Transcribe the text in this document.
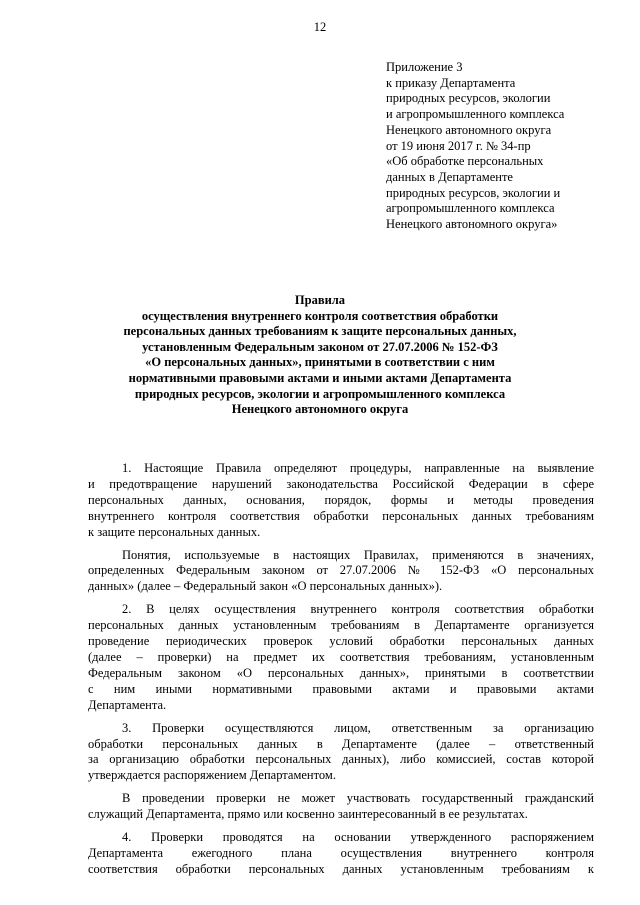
12
Приложение 3
к приказу Департамента
природных ресурсов, экологии
и агропромышленного комплекса
Ненецкого автономного округа
от 19 июня 2017 г. № 34-пр
«Об обработке персональных
данных в Департаменте
природных ресурсов, экологии и
агропромышленного комплекса
Ненецкого автономного округа»
Правила
осуществления внутреннего контроля соответствия обработки
персональных данных требованиям к защите персональных данных,
установленным Федеральным законом от 27.07.2006 № 152-ФЗ
«О персональных данных», принятыми в соответствии с ним
нормативными правовыми актами и иными актами Департамента
природных ресурсов, экологии и агропромышленного комплекса
Ненецкого автономного округа
1. Настоящие Правила определяют процедуры, направленные на выявление
и предотвращение нарушений законодательства Российской Федерации в сфере
персональных данных, основания, порядок, формы и методы проведения
внутреннего контроля соответствия обработки персональных данных требованиям
к защите персональных данных.
Понятия, используемые в настоящих Правилах, применяются в значениях,
определенных Федеральным законом от 27.07.2006 № 152-ФЗ «О персональных
данных» (далее – Федеральный закон «О персональных данных»).
2. В целях осуществления внутреннего контроля соответствия обработки
персональных данных установленным требованиям в Департаменте организуется
проведение периодических проверок условий обработки персональных данных
(далее – проверки) на предмет их соответствия требованиям, установленным
Федеральным законом «О персональных данных», принятыми в соответствии
с ним иными нормативными правовыми актами и правовыми актами
Департамента.
3. Проверки осуществляются лицом, ответственным за организацию
обработки персональных данных в Департаменте (далее – ответственный
за организацию обработки персональных данных), либо комиссией, состав которой
утверждается распоряжением Департаментом.
В проведении проверки не может участвовать государственный гражданский
служащий Департамента, прямо или косвенно заинтересованный в ее результатах.
4. Проверки проводятся на основании утвержденного распоряжением
Департамента ежегодного плана осуществления внутреннего контроля
соответствия обработки персональных данных установленным требованиям к
